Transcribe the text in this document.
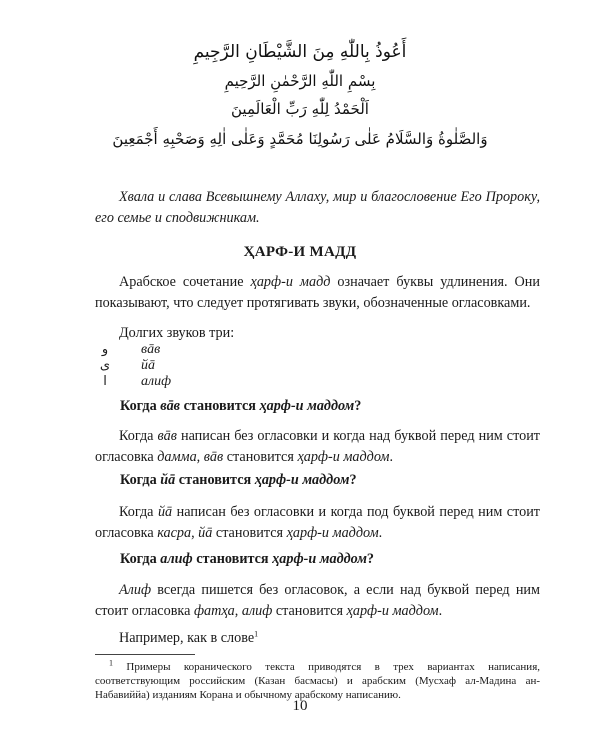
أَعُوذُ بِاللّٰهِ مِنَ الشَّيْطَانِ الرَّجِيمِ
بِسْمِ اللّٰهِ الرَّحْمٰنِ الرَّحِيمِ
اَلْحَمْدُ لِلّٰهِ رَبِّ الْعَالَمِينَ
وَالصَّلٰوةُ وَالسَّلَامُ عَلٰى رَسُولِنَا مُحَمَّدٍ وَعَلٰى اٰلِهِ وَصَحْبِهِ أَجْمَعِينَ

Хвала и слава Всевышнему Аллаху, мир и благословение Его Пророку, его семье и сподвижникам.

ҲАРФ-И МАДД

Арабское сочетание ҳарф-и мадд означает буквы удлинения. Они показывают, что следует протягивать звуки, обозначенные огласовками.

Долгих звуков три:

و	вāв
ى	йā
ا	алиф

Когда вāв становится ҳарф-и маддом?

Когда вāв написан без огласовки и когда над буквой перед ним стоит огласовка дамма, вāв становится ҳарф-и маддом.

Когда йā становится ҳарф-и маддом?

Когда йā написан без огласовки и когда под буквой перед ним стоит огласовка касра, йā становится ҳарф-и маддом.

Когда алиф становится ҳарф-и маддом?

Алиф всегда пишется без огласовок, а если над буквой перед ним стоит огласовка фатҳа, алиф становится ҳарф-и маддом.

Например, как в слове$^1$

$^1$ Примеры коранического текста приводятся в трех вариантах написания, соответствующим российским (Казан басмасы) и арабским (Мусхаф ал-Мадина ан-Набавиййа) изданиям Корана и обычному арабскому написанию.

10
